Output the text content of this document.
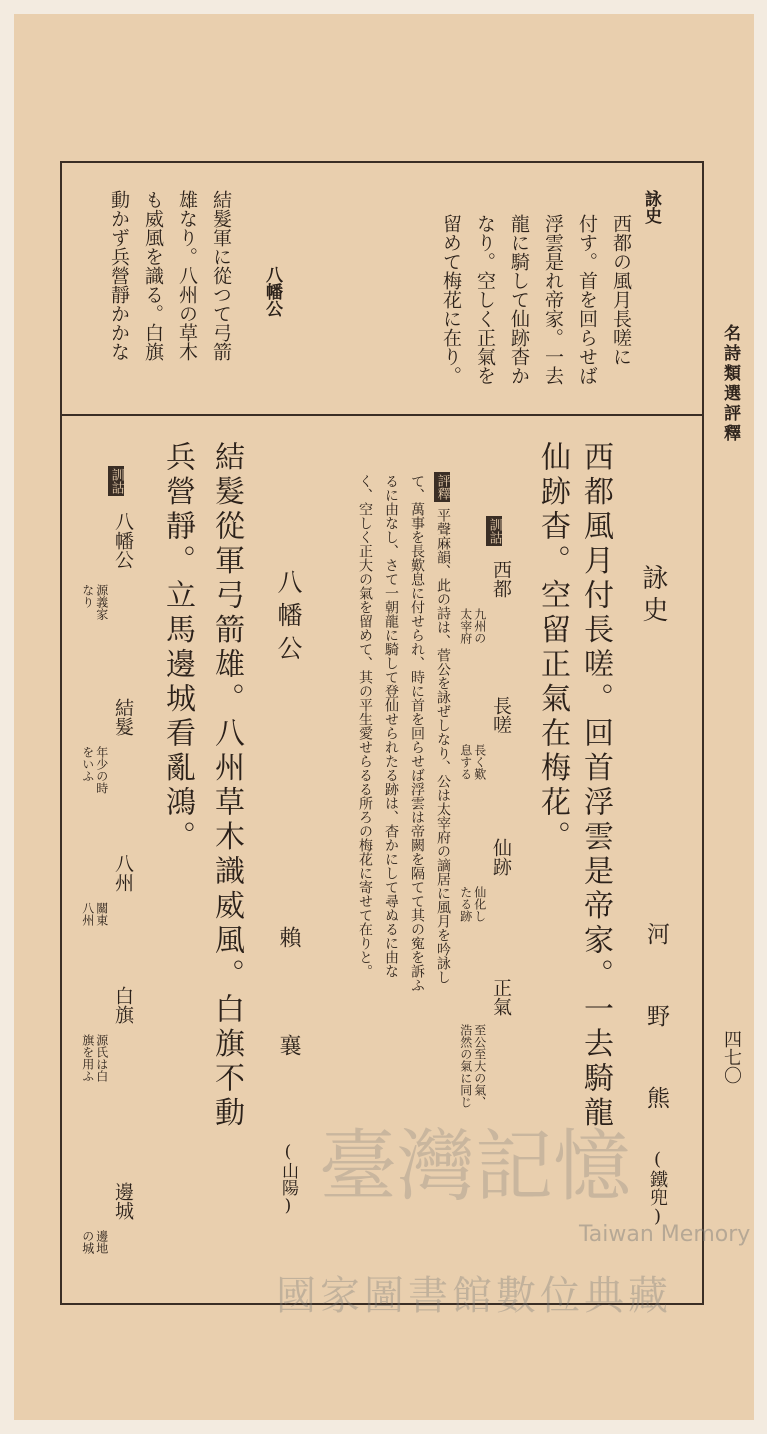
名詩類選評釋
四七〇
詠史
西都の風月長嗟に
付す。首を回らせば
浮雲是れ帝家。一去
龍に騎して仙跡杳か
なり。空しく正氣を
留めて梅花に在り。
八幡公
結髮軍に從つて弓箭
雄なり。八州の草木
も威風を識る。白旗
動かず兵營靜かかな
詠史
河　野　熊
(鐵兜)
西都風月付長嗟。回首浮雲是帝家。一去騎龍
仙跡杳。空留正氣在梅花。
訓詁
西都
九州の
太宰府
長嗟
長く歎
息する
仙跡
仙化し
たる跡
正氣
至公至大の氣、
浩然の氣に同じ
評釋
平聲麻韻、此の詩は、菅公を詠ぜしなり、公は太宰府の謫居に風月を吟詠し
て、萬事を長歎息に付せられ、時に首を回らせば浮雲は帝闕を隔てて其の寃を訴ふ
るに由なし、さて一朝龍に騎して登仙せられたる跡は、杳かにして尋ぬるに由な
く、空しく正大の氣を留めて、其の平生愛せらるる所ろの梅花に寄せて在りと。
八幡公
賴　　襄
(山陽)
結髮從軍弓箭雄。八州草木識威風。白旗不動
兵營靜。立馬邊城看亂鴻。
訓詁
八幡公
源義家
なり
結髮
年少の時
をいふ
八州
關東
八州
白旗
源氏は白
旗を用ふ
邊城
邊地
の城
臺灣記憶
Taiwan Memory
國家圖書館數位典藏
